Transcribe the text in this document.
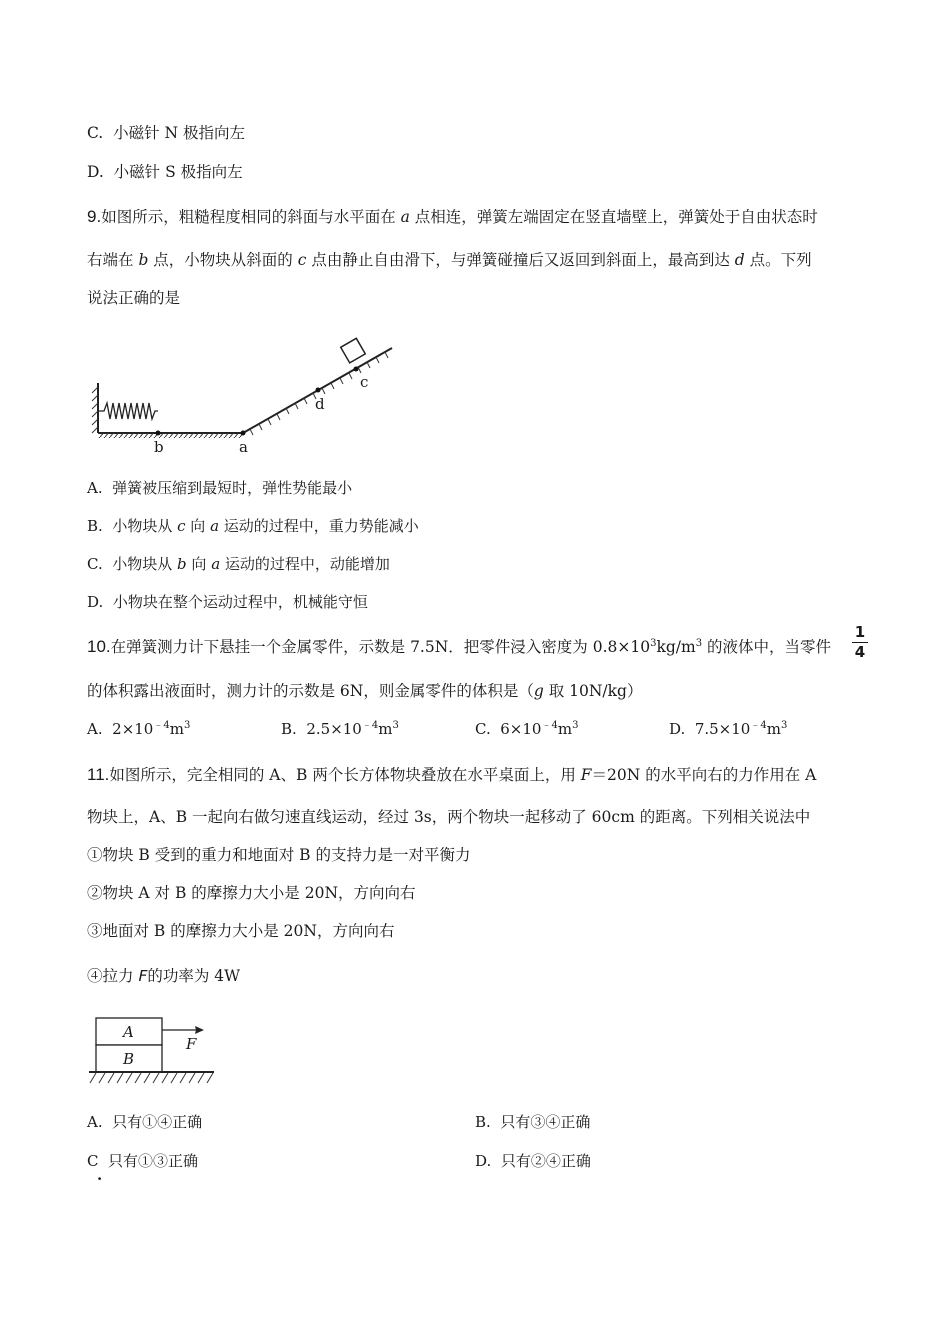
C. 小磁针 N 极指向左
D. 小磁针 S 极指向左
9.如图所示，粗糙程度相同的斜面与水平面在 a 点相连，弹簧左端固定在竖直墙壁上，弹簧处于自由状态时
右端在 b 点，小物块从斜面的 c 点由静止自由滑下，与弹簧碰撞后又返回到斜面上，最高到达 d 点。下列
说法正确的是
b	a
d
c
A. 弹簧被压缩到最短时，弹性势能最小
B. 小物块从 c 向 a 运动的过程中，重力势能减小
C. 小物块从 b 向 a 运动的过程中，动能增加
D. 小物块在整个运动过程中，机械能守恒
10.在弹簧测力计下悬挂一个金属零件，示数是 7.5N．把零件浸入密度为 $0.8\times 10^3kg/m^3$ 的液体中，当零件
1
4
的体积露出液面时，测力计的示数是 6N，则金属零件的体积是（g 取 10N/kg）
A. $2\times 10^{﹣4}m^3$	B. $2.5\times 10^{﹣4}m^3$	C. $6\times 10^{﹣4}m^3$	D. $7.5\times 10^{﹣4}m^3$
11.如图所示，完全相同的 A、B 两个长方体物块叠放在水平桌面上，用 F＝20N 的水平向右的力作用在 A
物块上，A、B 一起向右做匀速直线运动，经过 3s，两个物块一起移动了 60cm 的距离。下列相关说法中
①物块 B 受到的重力和地面对 B 的支持力是一对平衡力
②物块 A 对 B 的摩擦力大小是 20N，方向向右
③地面对 B 的摩擦力大小是 20N，方向向右
④拉力 F的功率为 4W
A
B
F
A. 只有①④正确	B. 只有③④正确
C 只有①③正确	D. 只有②④正确
.
